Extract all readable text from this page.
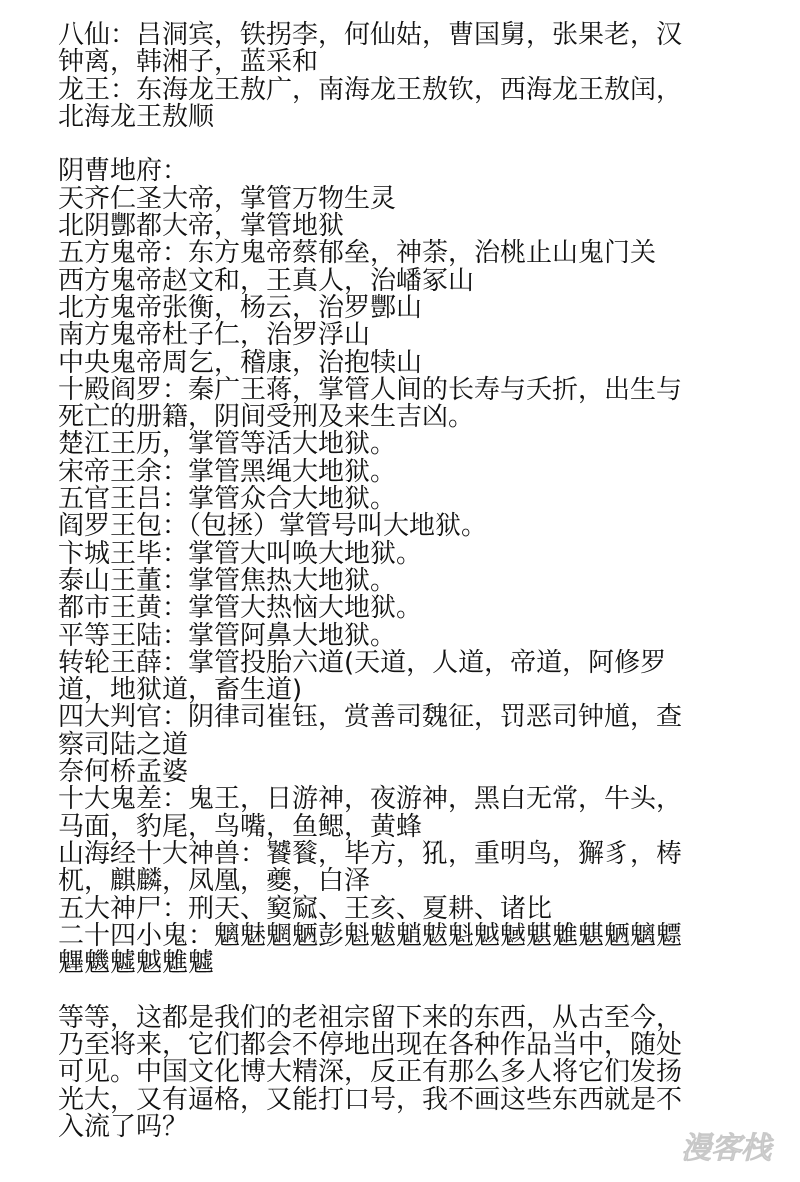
八仙：吕洞宾，铁拐李，何仙姑，曹国舅，张果老，汉
钟离，韩湘子，蓝采和
龙王：东海龙王敖广，南海龙王敖钦，西海龙王敖闰，
北海龙王敖顺
阴曹地府：
天齐仁圣大帝，掌管万物生灵
北阴酆都大帝，掌管地狱
五方鬼帝：东方鬼帝蔡郁垒，神荼，治桃止山鬼门关
西方鬼帝赵文和，王真人，治嶓冢山
北方鬼帝张衡，杨云，治罗酆山
南方鬼帝杜子仁，治罗浮山
中央鬼帝周乞，稽康，治抱犊山
十殿阎罗：秦广王蒋，掌管人间的长寿与夭折，出生与
死亡的册籍，阴间受刑及来生吉凶。
楚江王历，掌管等活大地狱。
宋帝王余：掌管黑绳大地狱。
五官王吕：掌管众合大地狱。
阎罗王包：（包拯）掌管号叫大地狱。
卞城王毕：掌管大叫唤大地狱。
泰山王董：掌管焦热大地狱。
都市王黄：掌管大热恼大地狱。
平等王陆：掌管阿鼻大地狱。
转轮王薛：掌管投胎六道(天道，人道，帝道，阿修罗
道，地狱道，畜生道)
四大判官：阴律司崔钰，赏善司魏征，罚恶司钟馗，查
察司陆之道
奈何桥孟婆
十大鬼差：鬼王，日游神，夜游神，黑白无常，牛头，
马面，豹尾，鸟嘴，鱼鳃，黄蜂
山海经十大神兽：饕餮，毕方，犼，重明鸟，獬豸，梼
杌，麒麟，凤凰，夔，白泽
五大神尸：刑天、窫窳、王亥、夏耕、诸比
二十四小鬼：魑魅魍魉彭魁魃魈魃魁魆魊魌魋魌魉魑魒
魓魕魖魆魋魖
等等，这都是我们的老祖宗留下来的东西，从古至今，
乃至将来，它们都会不停地出现在各种作品当中，随处
可见。中国文化博大精深，反正有那么多人将它们发扬
光大，又有逼格，又能打口号，我不画这些东西就是不
入流了吗？
漫客栈
